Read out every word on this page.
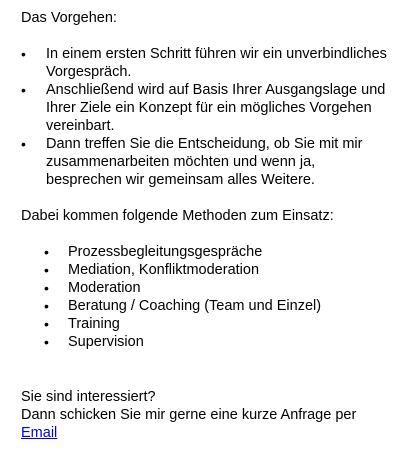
Das Vorgehen:

• In einem ersten Schritt führen wir ein unverbindliches Vorgespräch.
• Anschließend wird auf Basis Ihrer Ausgangslage und Ihrer Ziele ein Konzept für ein mögliches Vorgehen vereinbart.
• Dann treffen Sie die Entscheidung, ob Sie mit mir zusammenarbeiten möchten und wenn ja, besprechen wir gemeinsam alles Weitere.

Dabei kommen folgende Methoden zum Einsatz:

• Prozessbegleitungsgespräche
• Mediation, Konfliktmoderation
• Moderation
• Beratung / Coaching (Team und Einzel)
• Training
• Supervision

Sie sind interessiert?

Dann schicken Sie mir gerne eine kurze Anfrage per

Email
